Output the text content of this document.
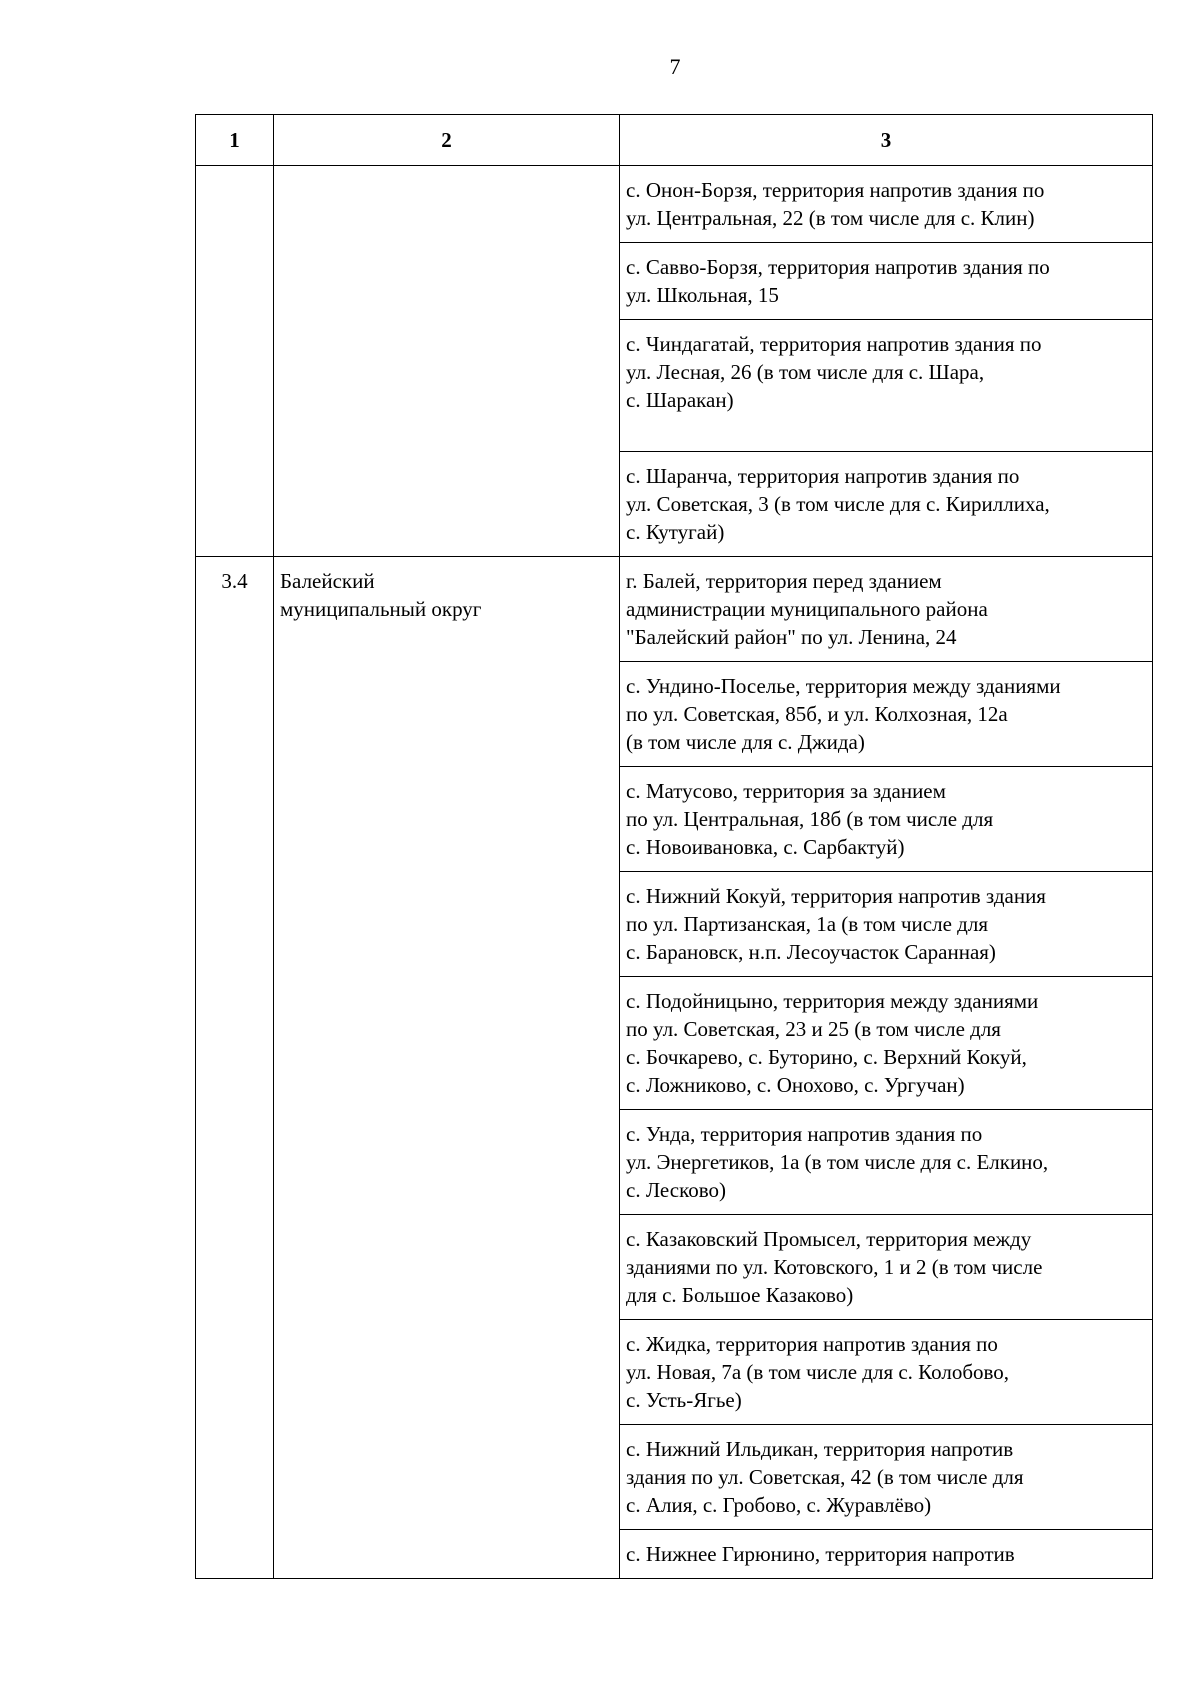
7
1	2	3

		с. Онон-Борзя, территория напротив здания по
ул. Центральная, 22 (в том числе для с. Клин)

		с. Савво-Борзя, территория напротив здания по
ул. Школьная, 15

		с. Чиндагатай, территория напротив здания по
ул. Лесная, 26 (в том числе для с. Шара,
с. Шаракан)

		с. Шаранча, территория напротив здания по
ул. Советская, 3 (в том числе для с. Кириллиха,
с. Кутугай)

3.4	Балейский
муниципальный округ	г. Балей, территория перед зданием
администрации муниципального района
"Балейский район" по ул. Ленина, 24

		с. Ундино-Поселье, территория между зданиями
по ул. Советская, 85б, и ул. Колхозная, 12а
(в том числе для с. Джида)

		с. Матусово, территория за зданием
по ул. Центральная, 18б (в том числе для
с. Новоивановка, с. Сарбактуй)

		с. Нижний Кокуй, территория напротив здания
по ул. Партизанская, 1а (в том числе для
с. Барановск, н.п. Лесоучасток Саранная)

		с. Подойницыно, территория между зданиями
по ул. Советская, 23 и 25 (в том числе для
с. Бочкарево, с. Буторино, с. Верхний Кокуй,
с. Ложниково, с. Онохово, с. Ургучан)

		с. Унда, территория напротив здания по
ул. Энергетиков, 1а (в том числе для с. Елкино,
с. Лесково)

		с. Казаковский Промысел, территория между
зданиями по ул. Котовского, 1 и 2 (в том числе
для с. Большое Казаково)

		с. Жидка, территория напротив здания по
ул. Новая, 7а (в том числе для с. Колобово,
с. Усть-Ягье)

		с. Нижний Ильдикан, территория напротив
здания по ул. Советская, 42 (в том числе для
с. Алия, с. Гробово, с. Журавлёво)

		с. Нижнее Гирюнино, территория напротив
